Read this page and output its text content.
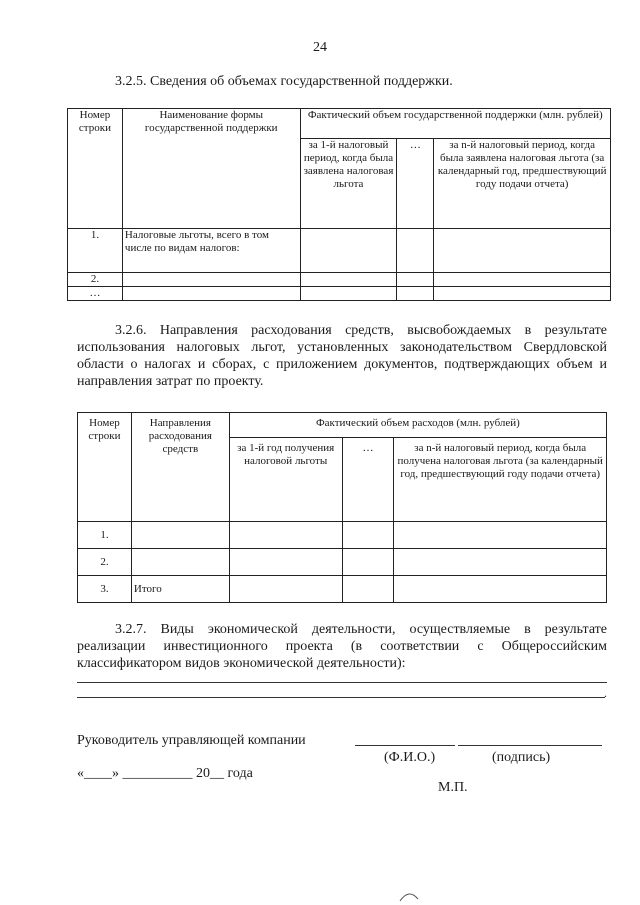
24
3.2.5. Сведения об объемах государственной поддержки.
Номер строки	Наименование формы государственной поддержки	Фактический объем государственной поддержки (млн. рублей)		
		за 1-й налоговый период, когда была заявлена налоговая льгота	…	за n-й налоговый период, когда была заявлена налоговая льгота (за календарный год, предшествующий году подачи отчета)
1.	Налоговые льготы, всего в том числе по видам налогов:			
2.				
…				
3.2.6. Направления расходования средств, высвобождаемых в результате использования налоговых льгот, установленных законодательством Свердловской области о налогах и сборах, с приложением документов, подтверждающих объем и направления затрат по проекту.
Номер строки	Направления расходования средств	Фактический объем расходов (млн. рублей)		
		за 1-й год получения налоговой льготы	…	за n-й налоговый период, когда была получена налоговая льгота (за календарный год, предшествующий году подачи отчета)
1.				
2.				
3.	Итого			
3.2.7. Виды экономической деятельности, осуществляемые в результате реализации инвестиционного проекта (в соответствии с Общероссийским классификатором видов экономической деятельности):
.
Руководитель управляющей компании
(Ф.И.О.)	(подпись)
«____» __________ 20__ года
М.П.
